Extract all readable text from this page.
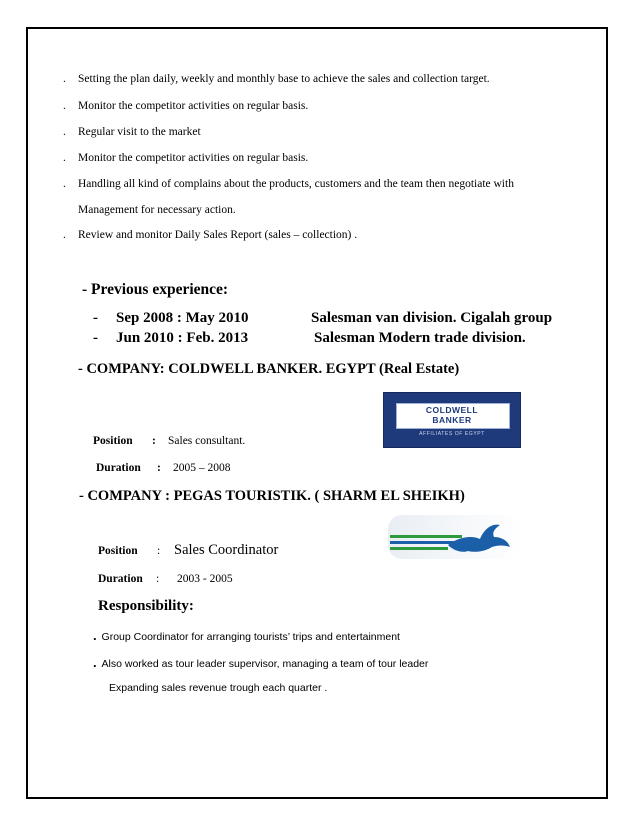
. Setting the plan daily, weekly and monthly base to achieve the sales and collection target.
. Monitor the competitor activities on regular basis.
. Regular visit to the market
. Monitor the competitor activities on regular basis.
. Handling all kind of complains about the products, customers and the team then negotiate with
Management for necessary action.
. Review and monitor Daily Sales Report (sales – collection) .
- Previous experience:
- Sep 2008 : May 2010	Salesman van division. Cigalah group
- Jun 2010 : Feb. 2013	Salesman Modern trade division.
- COMPANY: COLDWELL BANKER. EGYPT (Real Estate)
COLDWELL
BANKER
AFFILIATES OF EGYPT
Position : Sales consultant.
Duration : 2005 – 2008
- COMPANY : PEGAS TOURISTIK. ( SHARM EL SHEIKH)
Position : Sales Coordinator
Duration : 2003 - 2005
Responsibility:
. Group Coordinator for arranging tourists’ trips and entertainment
. Also worked as tour leader supervisor, managing a team of tour leader
Expanding sales revenue trough each quarter .
